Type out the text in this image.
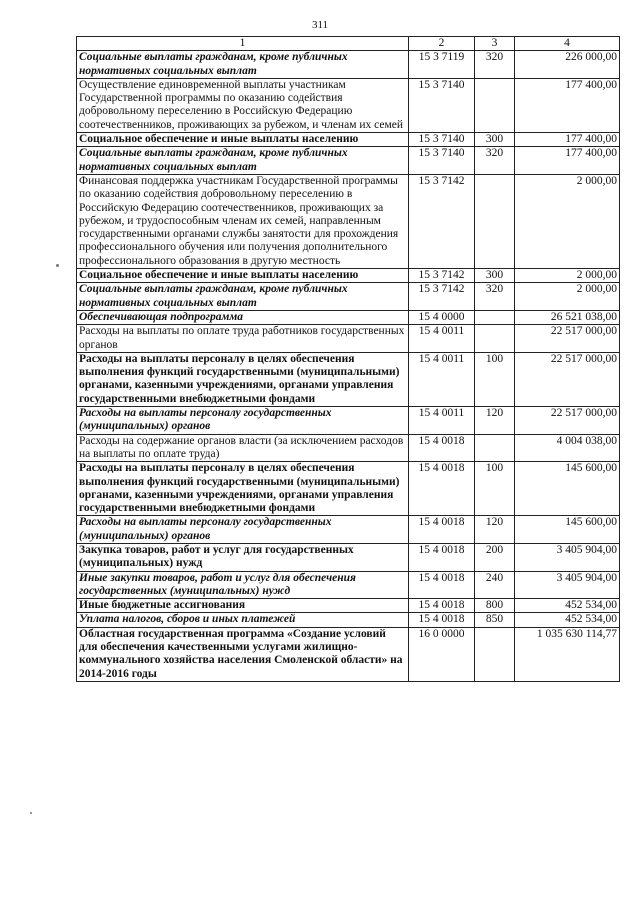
311
1	2	3	4
Социальные выплаты гражданам, кроме публичных нормативных социальных выплат	15 3 7119	320	226 000,00
Осуществление единовременной выплаты участникам Государственной программы по оказанию содействия добровольному переселению в Российскую Федерацию соотечественников, проживающих за рубежом, и членам их семей	15 3 7140		177 400,00
Социальное обеспечение и иные выплаты населению	15 3 7140	300	177 400,00
Социальные выплаты гражданам, кроме публичных нормативных социальных выплат	15 3 7140	320	177 400,00
Финансовая поддержка участникам Государственной программы по оказанию содействия добровольному переселению в Российскую Федерацию соотечественников, проживающих за рубежом, и трудоспособным членам их семей, направленным государственными органами службы занятости для прохождения профессионального обучения или получения дополнительного профессионального образования в другую местность	15 3 7142		2 000,00
Социальное обеспечение и иные выплаты населению	15 3 7142	300	2 000,00
Социальные выплаты гражданам, кроме публичных нормативных социальных выплат	15 3 7142	320	2 000,00
Обеспечивающая подпрограмма	15 4 0000		26 521 038,00
Расходы на выплаты по оплате труда работников государственных органов	15 4 0011		22 517 000,00
Расходы на выплаты персоналу в целях обеспечения выполнения функций государственными (муниципальными) органами, казенными учреждениями, органами управления государственными внебюджетными фондами	15 4 0011	100	22 517 000,00
Расходы на выплаты персоналу государственных (муниципальных) органов	15 4 0011	120	22 517 000,00
Расходы на содержание органов власти (за исключением расходов на выплаты по оплате труда)	15 4 0018		4 004 038,00
Расходы на выплаты персоналу в целях обеспечения выполнения функций государственными (муниципальными) органами, казенными учреждениями, органами управления государственными внебюджетными фондами	15 4 0018	100	145 600,00
Расходы на выплаты персоналу государственных (муниципальных) органов	15 4 0018	120	145 600,00
Закупка товаров, работ и услуг для государственных (муниципальных) нужд	15 4 0018	200	3 405 904,00
Иные закупки товаров, работ и услуг для обеспечения государственных (муниципальных) нужд	15 4 0018	240	3 405 904,00
Иные бюджетные ассигнования	15 4 0018	800	452 534,00
Уплата налогов, сборов и иных платежей	15 4 0018	850	452 534,00
Областная государственная программа «Создание условий для обеспечения качественными услугами жилищно-коммунального хозяйства населения Смоленской области» на 2014-2016 годы	16 0 0000		1 035 630 114,77
